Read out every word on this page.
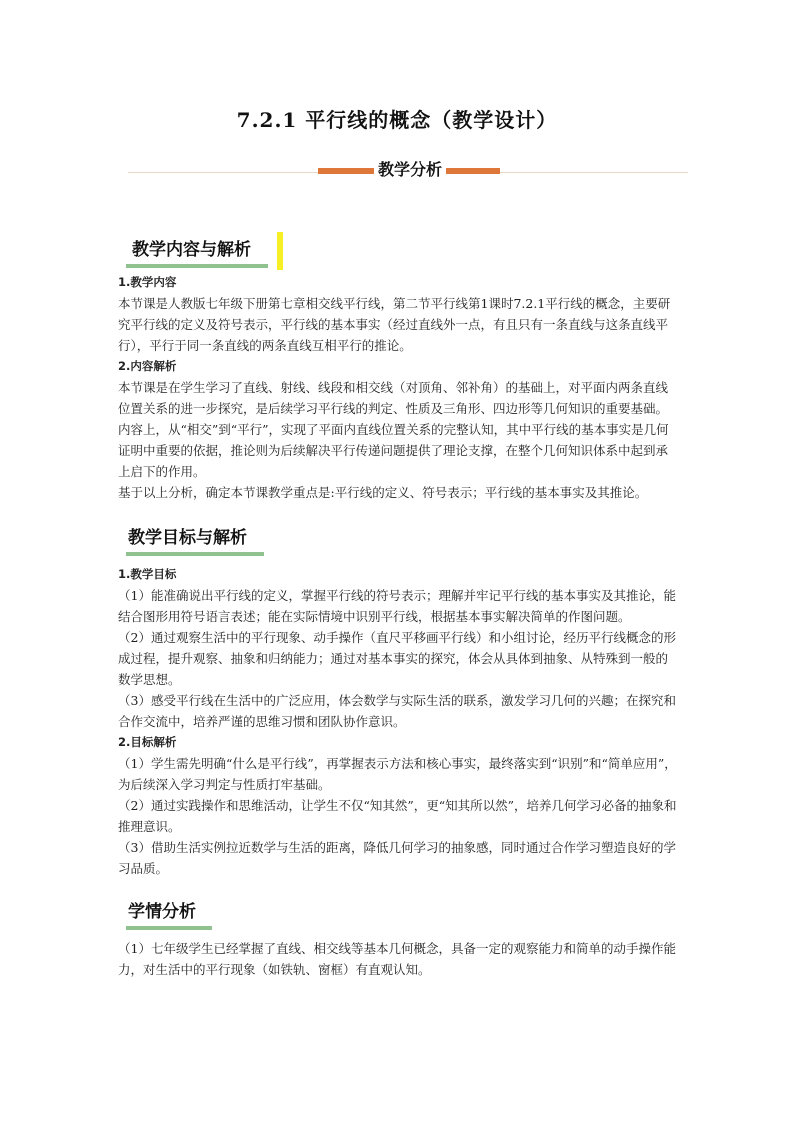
7.2.1 平行线的概念（教学设计）
教学分析
教学内容与解析

1.教学内容

本节课是人教版七年级下册第七章相交线平行线，第二节平行线第1课时7.2.1平行线的概念，主要研究平行线的定义及符号表示，平行线的基本事实（经过直线外一点，有且只有一条直线与这条直线平行），平行于同一条直线的两条直线互相平行的推论。

2.内容解析

本节课是在学生学习了直线、射线、线段和相交线（对顶角、邻补角）的基础上，对平面内两条直线位置关系的进一步探究，是后续学习平行线的判定、性质及三角形、四边形等几何知识的重要基础。内容上，从“相交”到“平行”，实现了平面内直线位置关系的完整认知，其中平行线的基本事实是几何证明中重要的依据，推论则为后续解决平行传递问题提供了理论支撑，在整个几何知识体系中起到承上启下的作用。

基于以上分析，确定本节课教学重点是:平行线的定义、符号表示；平行线的基本事实及其推论。

教学目标与解析

1.教学目标

（1）能准确说出平行线的定义，掌握平行线的符号表示；理解并牢记平行线的基本事实及其推论，能结合图形用符号语言表述；能在实际情境中识别平行线，根据基本事实解决简单的作图问题。

（2）通过观察生活中的平行现象、动手操作（直尺平移画平行线）和小组讨论，经历平行线概念的形成过程，提升观察、抽象和归纳能力；通过对基本事实的探究，体会从具体到抽象、从特殊到一般的数学思想。

（3）感受平行线在生活中的广泛应用，体会数学与实际生活的联系，激发学习几何的兴趣；在探究和合作交流中，培养严谨的思维习惯和团队协作意识。

2.目标解析

（1）学生需先明确“什么是平行线”，再掌握表示方法和核心事实，最终落实到“识别”和“简单应用”，为后续深入学习判定与性质打牢基础。

（2）通过实践操作和思维活动，让学生不仅“知其然”，更“知其所以然”，培养几何学习必备的抽象和推理意识。

（3）借助生活实例拉近数学与生活的距离，降低几何学习的抽象感，同时通过合作学习塑造良好的学习品质。

学情分析

（1）七年级学生已经掌握了直线、相交线等基本几何概念，具备一定的观察能力和简单的动手操作能力，对生活中的平行现象（如铁轨、窗框）有直观认知。
